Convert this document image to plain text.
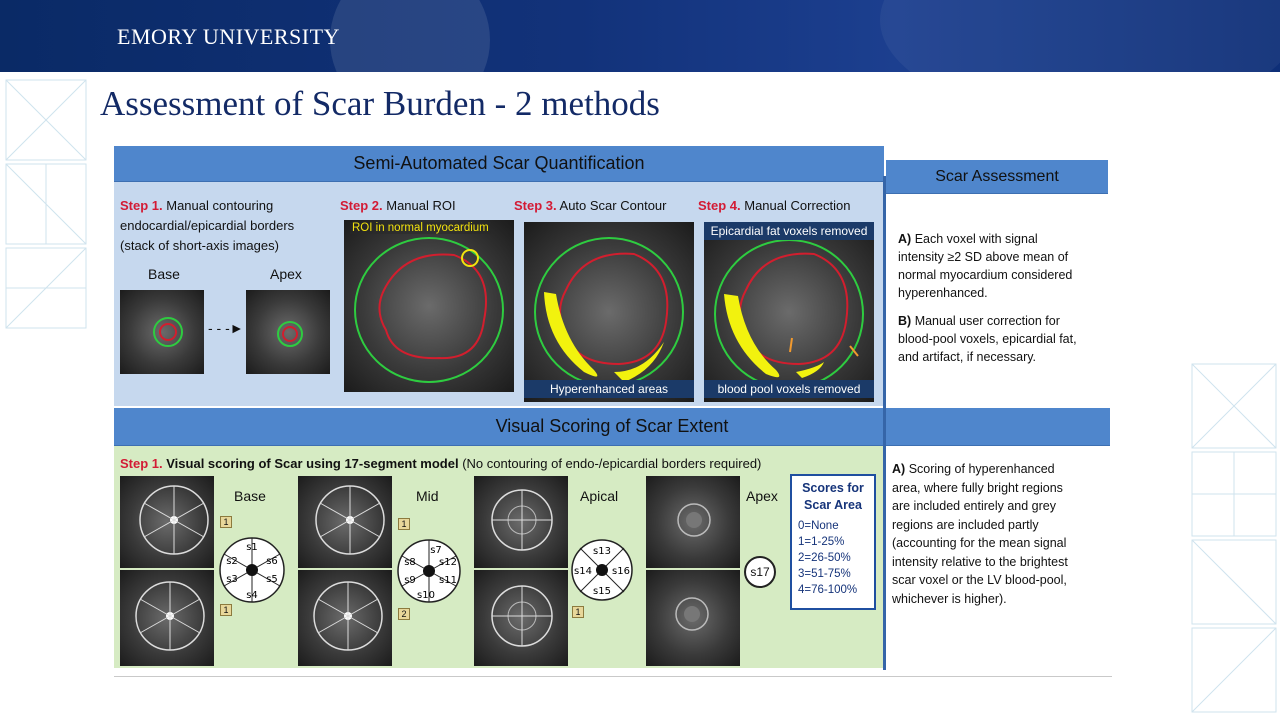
EMORY UNIVERSITY
Assessment of Scar Burden - 2 methods
Semi-Automated Scar Quantification
Scar Assessment
Step 1. Manual contouring
endocardial/epicardial borders
(stack of short-axis images)
Base	Apex
- - -►
Step 2. Manual ROI
ROI in normal myocardium
Step 3. Auto Scar Contour
Hyperenhanced areas
Step 4. Manual Correction
Epicardial fat voxels removed
blood pool voxels removed
A) Each voxel with signal
intensity ≥2 SD above mean of
normal myocardium considered
hyperenhanced.
B) Manual user correction for
blood-pool voxels, epicardial fat,
and artifact, if necessary.
Visual Scoring of Scar Extent
Step 1. Visual scoring of Scar using 17-segment model (No contouring of endo-/epicardial borders required)
Base
1
s1
s2
s3
s4
s5
s6
1
Mid
1
s7
s8
s9
s10
s11
s12
2
Apical
s13
s14
s15
s16
1
Apex
s17
Scores for
Scar Area
0=None
1=1-25%
2=26-50%
3=51-75%
4=76-100%
A) Scoring of hyperenhanced
area, where fully bright regions
are included entirely and grey
regions are included partly
(accounting for the mean signal
intensity relative to the brightest
scar voxel or the LV blood-pool,
whichever is higher).
